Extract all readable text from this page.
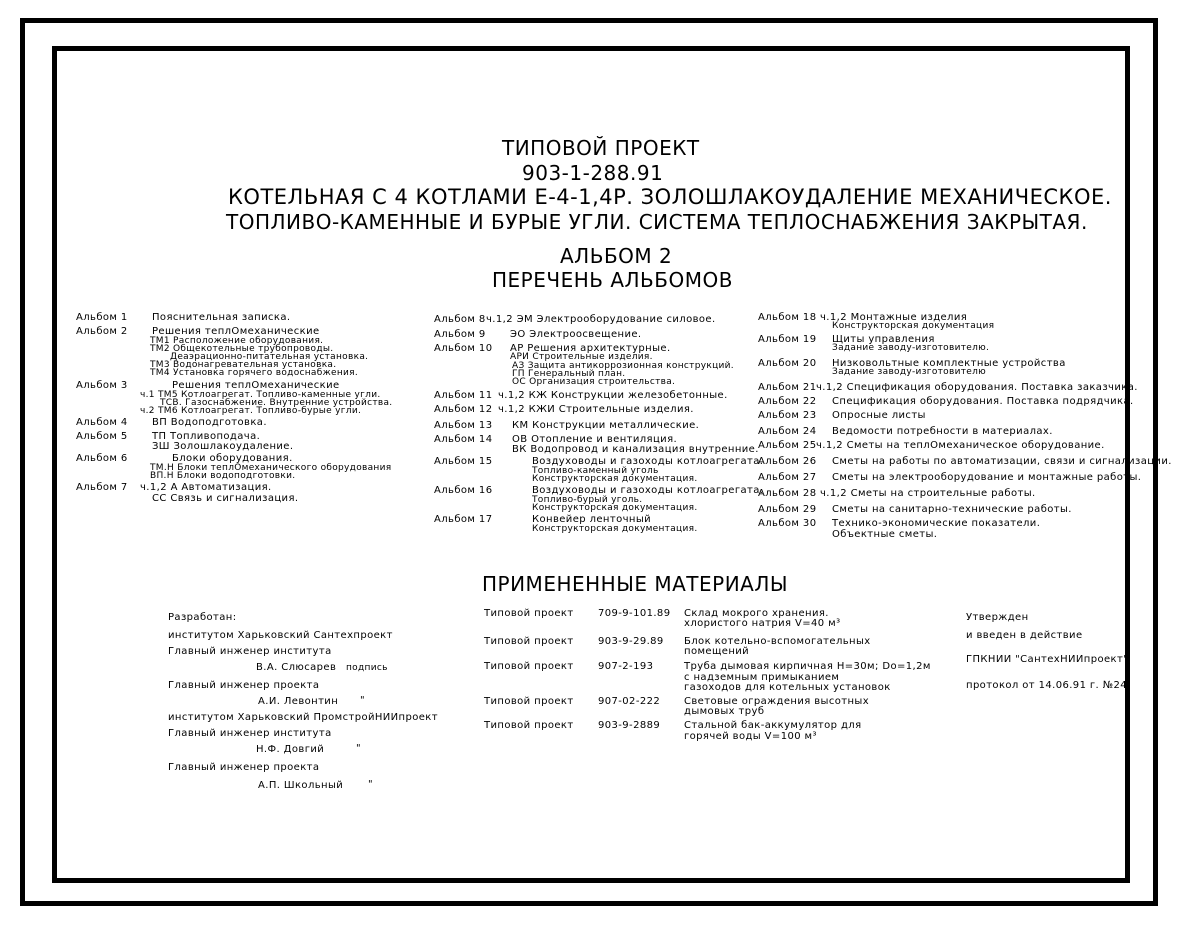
ТИПОВОЙ ПРОЕКТ
903-1-288.91
КОТЕЛЬНАЯ С 4 КОТЛАМИ Е-4-1,4Р. ЗОЛОШЛАКОУДАЛЕНИЕ МЕХАНИЧЕСКОЕ.
ТОПЛИВО-КАМЕННЫЕ И БУРЫЕ УГЛИ. СИСТЕМА ТЕПЛОСНАБЖЕНИЯ ЗАКРЫТАЯ.
АЛЬБОМ 2
ПЕРЕЧЕНЬ АЛЬБОМОВ
Альбом 1 Пояснительная записка.
Альбом 2 Решения теплОмеханические
ТМ1 Расположение оборудования.
ТМ2 Общекотельные трубопроводы.
Деаэрационно-питательная установка.
ТМ3 Водонагревательная установка.
ТМ4 Установка горячего водоснабжения.
Альбом 3	Решения теплОмеханические
ч.1 ТМ5 Котлоагрегат. Топливо-каменные угли.
ТСВ. Газоснабжение. Внутренние устройства.
ч.2 ТМ6 Котлоагрегат. Топливо-бурые угли.
Альбом 4 ВП Водоподготовка.
Альбом 5 ТП Топливоподача.
ЗШ Золошлакоудаление.
Альбом 6	Блоки оборудования.
ТМ.Н Блоки теплОмеханического оборудования
ВП.Н Блоки водоподготовки.
Альбом 7 ч.1,2 А Автоматизация.
СС Связь и сигнализация.
Альбом 8 ч.1,2 ЭМ Электрооборудование силовое.
Альбом 9 ЭО Электроосвещение.
Альбом 10 АР Решения архитектурные.
АРИ Строительные изделия.
АЗ Защита антикоррозионная конструкций.
ГП Генеральный план.
ОС Организация строительства.
Альбом 11 ч.1,2 КЖ Конструкции железобетонные.
Альбом 12 ч.1,2 КЖИ Строительные изделия.
Альбом 13 КМ Конструкции металлические.
Альбом 14 ОВ Отопление и вентиляция.
ВК Водопровод и канализация внутренние.
Альбом 15	Воздуховоды и газоходы котлоагрегата.
Топливо-каменный уголь
Конструкторская документация.
Альбом 16	Воздуховоды и газоходы котлоагрегата.
Топливо-бурый уголь.
Конструкторская документация.
Альбом 17	Конвейер ленточный
Конструкторская документация.
Альбом 18 ч.1,2 Монтажные изделия
Конструкторская документация
Альбом 19 Щиты управления
Задание заводу-изготовителю.
Альбом 20 Низковольтные комплектные устройства
Задание заводу-изготовителю
Альбом 21 ч.1,2 Спецификация оборудования. Поставка заказчика.
Альбом 22 Спецификация оборудования. Поставка подрядчика.
Альбом 23 Опросные листы
Альбом 24 Ведомости потребности в материалах.
Альбом 25 ч.1,2 Сметы на теплОмеханическое оборудование.
Альбом 26 Сметы на работы по автоматизации, связи и сигнализации.
Альбом 27 Сметы на электрооборудование и монтажные работы.
Альбом 28 ч.1,2 Сметы на строительные работы.
Альбом 29 Сметы на санитарно-технические работы.
Альбом 30 Технико-экономические показатели.
Объектные сметы.
ПРИМЕНЕННЫЕ МАТЕРИАЛЫ
Типовой проект 709-9-101.89 Склад мокрого хранения.
хлористого натрия V=40 м³
Типовой проект 903-9-29.89 Блок котельно-вспомогательных
помещений
Типовой проект 907-2-193	Труба дымовая кирпичная H=30м; Do=1,2м
с надземным примыканием
газоходов для котельных установок
Типовой проект 907-02-222 Световые ограждения высотных
дымовых труб
Типовой проект 903-9-2889 Стальной бак-аккумулятор для
горячей воды V=100 м³
Разработан:
институтом Харьковский Сантехпроект
Главный инженер института
В.А. Слюсарев подпись
Главный инженер проекта
А.И. Левонтин "
институтом Харьковский ПромстройНИИпроект
Главный инженер института
Н.Ф. Довгий	"
Главный инженер проекта
А.П. Школьный "
Утвержден
и введен в действие
ГПКНИИ "СантехНИИпроект"
протокол от 14.06.91 г. №24
